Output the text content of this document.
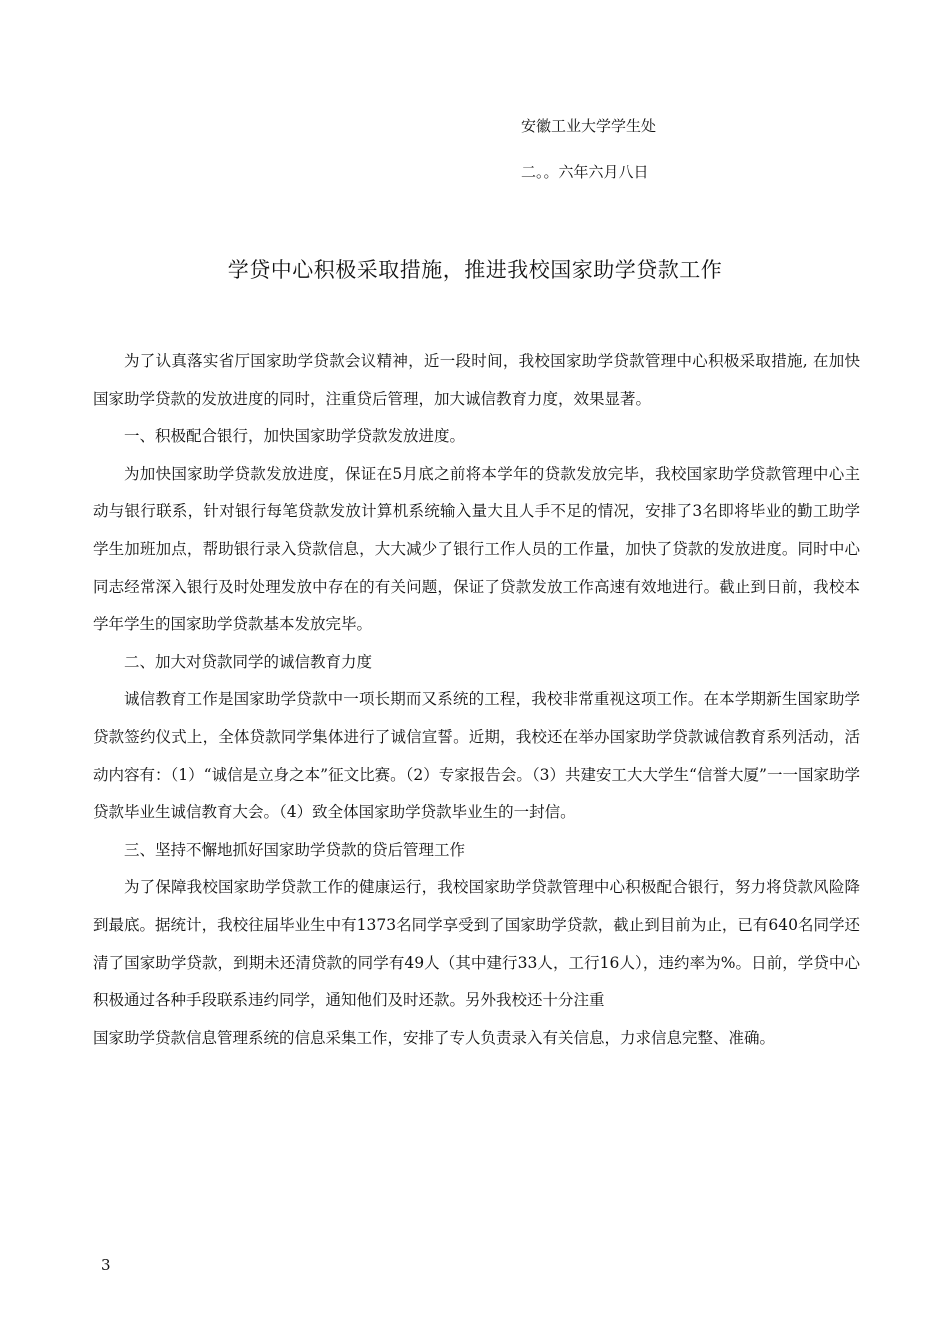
安徽工业大学学生处
二。。六年六月八日
学贷中心积极采取措施，推进我校国家助学贷款工作

为了认真落实省厅国家助学贷款会议精神，近一段时间，我校国家助学贷款管理中心积极采取措施, 在加快国家助学贷款的发放进度的同时，注重贷后管理，加大诚信教育力度，效果显著。

一、积极配合银行，加快国家助学贷款发放进度。

为加快国家助学贷款发放进度，保证在5月底之前将本学年的贷款发放完毕，我校国家助学贷款管理中心主动与银行联系，针对银行每笔贷款发放计算机系统输入量大且人手不足的情况，安排了3名即将毕业的勤工助学学生加班加点，帮助银行录入贷款信息，大大减少了银行工作人员的工作量，加快了贷款的发放进度。同时中心同志经常深入银行及时处理发放中存在的有关问题，保证了贷款发放工作高速有效地进行。截止到日前，我校本学年学生的国家助学贷款基本发放完毕。

二、加大对贷款同学的诚信教育力度

诚信教育工作是国家助学贷款中一项长期而又系统的工程，我校非常重视这项工作。在本学期新生国家助学贷款签约仪式上，全体贷款同学集体进行了诚信宣誓。近期，我校还在举办国家助学贷款诚信教育系列活动，活动内容有：（1）“诚信是立身之本”征文比赛。（2）专家报告会。（3）共建安工大大学生“信誉大厦”一一国家助学贷款毕业生诚信教育大会。（4）致全体国家助学贷款毕业生的一封信。

三、坚持不懈地抓好国家助学贷款的贷后管理工作

为了保障我校国家助学贷款工作的健康运行，我校国家助学贷款管理中心积极配合银行，努力将贷款风险降到最底。据统计，我校往届毕业生中有1373名同学享受到了国家助学贷款，截止到目前为止，已有640名同学还清了国家助学贷款，到期未还清贷款的同学有49人（其中建行33人，工行16人），违约率为%。日前，学贷中心积极通过各种手段联系违约同学，通知他们及时还款。另外我校还十分注重

国家助学贷款信息管理系统的信息采集工作，安排了专人负责录入有关信息，力求信息完整、准确。

3
